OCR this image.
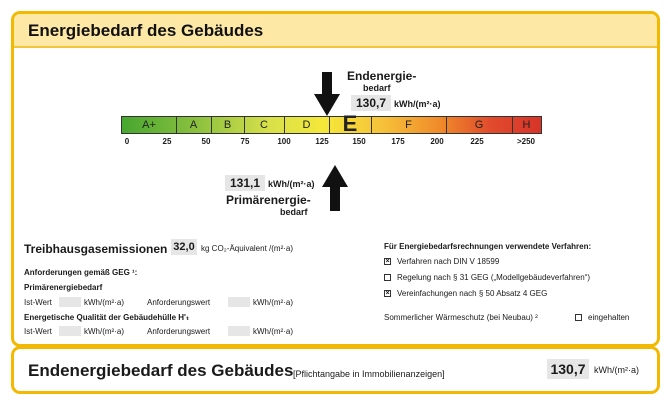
Energiebedarf des Gebäudes
Endenergie-
bedarf
130,7 kWh/(m²·a)
A+	A	B	C	D	E	F	G	H
0	25	50	75	100	125	150	175	200	225	>250
131,1 kWh/(m²·a)
Primärenergie-
bedarf
Treibhausgasemissionen 32,0 kg CO₂-Äquivalent /(m²·a)
Anforderungen gemäß GEG ¹:
Primärenergiebedarf
Ist-Wert	kWh/(m²·a)	Anforderungswert	kWh/(m²·a)
Energetische Qualität der Gebäudehülle H'ₜ
Ist-Wert	kWh/(m²·a)	Anforderungswert	kWh/(m²·a)
Für Energiebedarfsrechnungen verwendete Verfahren:
× Verfahren nach DIN V 18599
Regelung nach § 31 GEG („Modellgebäudeverfahren“)
× Vereinfachungen nach § 50 Absatz 4 GEG
Sommerlicher Wärmeschutz (bei Neubau) ²	eingehalten
Endenergiebedarf des Gebäudes [Pflichtangabe in Immobilienanzeigen]	130,7 kWh/(m²·a)
